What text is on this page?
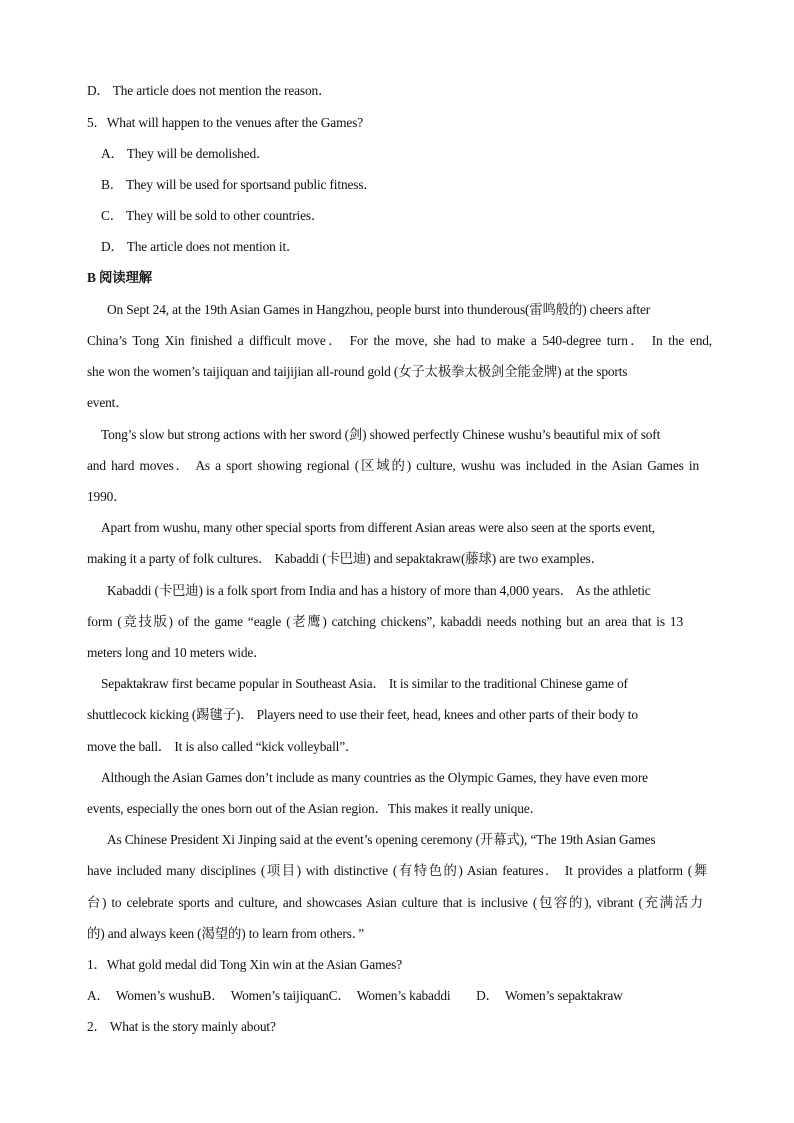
D． The article does not mention the reason．
5．What will happen to the venues after the Games?
A． They will be demolished．
B． They will be used for sportsand public fitness．
C． They will be sold to other countries．
D． The article does not mention it．
B 阅读理解
On Sept 24, at the 19th Asian Games in Hangzhou, people burst into thunderous(雷鸣般的) cheers after
China’s Tong Xin finished a difficult move． For the move, she had to make a 540-degree turn． In the end,
she won the women’s taijiquan and taijijian all-round gold (女子太极拳太极剑全能金牌) at the sports
event．
Tong’s slow but strong actions with her sword (剑) showed perfectly Chinese wushu’s beautiful mix of soft
and hard moves． As a sport showing regional (区域的) culture, wushu was included in the Asian Games in
1990．
Apart from wushu, many other special sports from different Asian areas were also seen at the sports event,
making it a party of folk cultures． Kabaddi (卡巴迪) and sepaktakraw(藤球) are two examples．
Kabaddi (卡巴迪) is a folk sport from India and has a history of more than 4,000 years． As the athletic
form (竞技版) of the game “eagle (老鹰) catching chickens”, kabaddi needs nothing but an area that is 13
meters long and 10 meters wide．
Sepaktakraw first became popular in Southeast Asia． It is similar to the traditional Chinese game of
shuttlecock kicking (踢毽子)． Players need to use their feet, head, knees and other parts of their body to
move the ball． It is also called “kick volleyball”．
Although the Asian Games don’t include as many countries as the Olympic Games, they have even more
events, especially the ones born out of the Asian region．This makes it really unique．
As Chinese President Xi Jinping said at the event’s opening ceremony (开幕式), “The 19th Asian Games
have included many disciplines (项目) with distinctive (有特色的) Asian features． It provides a platform (舞
台) to celebrate sports and culture, and showcases Asian culture that is inclusive (包容的), vibrant (充满活力
的) and always keen (渴望的) to learn from others．”
1．What gold medal did Tong Xin win at the Asian Games?
A．  Women’s wushuB．  Women’s taijiquanC．  Women’s kabaddi        D．  Women’s sepaktakraw
2． What is the story mainly about?
